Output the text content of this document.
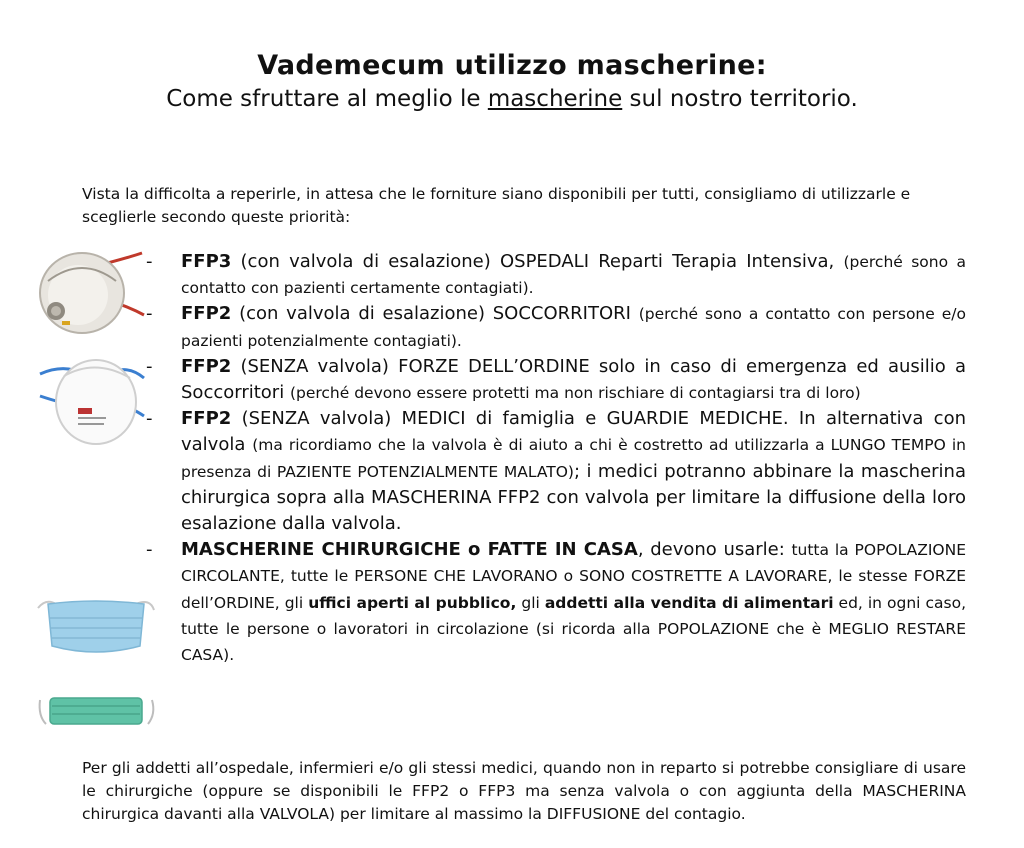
Vademecum utilizzo mascherine:
Come sfruttare al meglio le mascherine sul nostro territorio.
Vista la difficolta a reperirle, in attesa che le forniture siano disponibili per tutti, consigliamo di utilizzarle e sceglierle secondo queste priorità:
- FFP3 (con valvola di esalazione) OSPEDALI Reparti Terapia Intensiva, (perché sono a contatto con pazienti certamente contagiati).
- FFP2 (con valvola di esalazione) SOCCORRITORI (perché sono a contatto con persone e/o pazienti potenzialmente contagiati).
- FFP2 (SENZA valvola) FORZE DELL’ORDINE solo in caso di emergenza ed ausilio a Soccorritori (perché devono essere protetti ma non rischiare di contagiarsi tra di loro)
- FFP2 (SENZA valvola) MEDICI di famiglia e GUARDIE MEDICHE. In alternativa con valvola (ma ricordiamo che la valvola è di aiuto a chi è costretto ad utilizzarla a LUNGO TEMPO in presenza di PAZIENTE POTENZIALMENTE MALATO); i medici potranno abbinare la mascherina chirurgica sopra alla MASCHERINA FFP2 con valvola per limitare la diffusione della loro esalazione dalla valvola.
- MASCHERINE CHIRURGICHE o FATTE IN CASA, devono usarle: tutta la POPOLAZIONE CIRCOLANTE, tutte le PERSONE CHE LAVORANO o SONO COSTRETTE A LAVORARE, le stesse FORZE dell’ORDINE, gli uffici aperti al pubblico, gli addetti alla vendita di alimentari ed, in ogni caso, tutte le persone o lavoratori in circolazione (si ricorda alla POPOLAZIONE che è MEGLIO RESTARE CASA).
Per gli addetti all’ospedale, infermieri e/o gli stessi medici, quando non in reparto si potrebbe consigliare di usare le chirurgiche (oppure se disponibili le FFP2 o FFP3 ma senza valvola o con aggiunta della MASCHERINA chirurgica davanti alla VALVOLA) per limitare al massimo la DIFFUSIONE del contagio.
